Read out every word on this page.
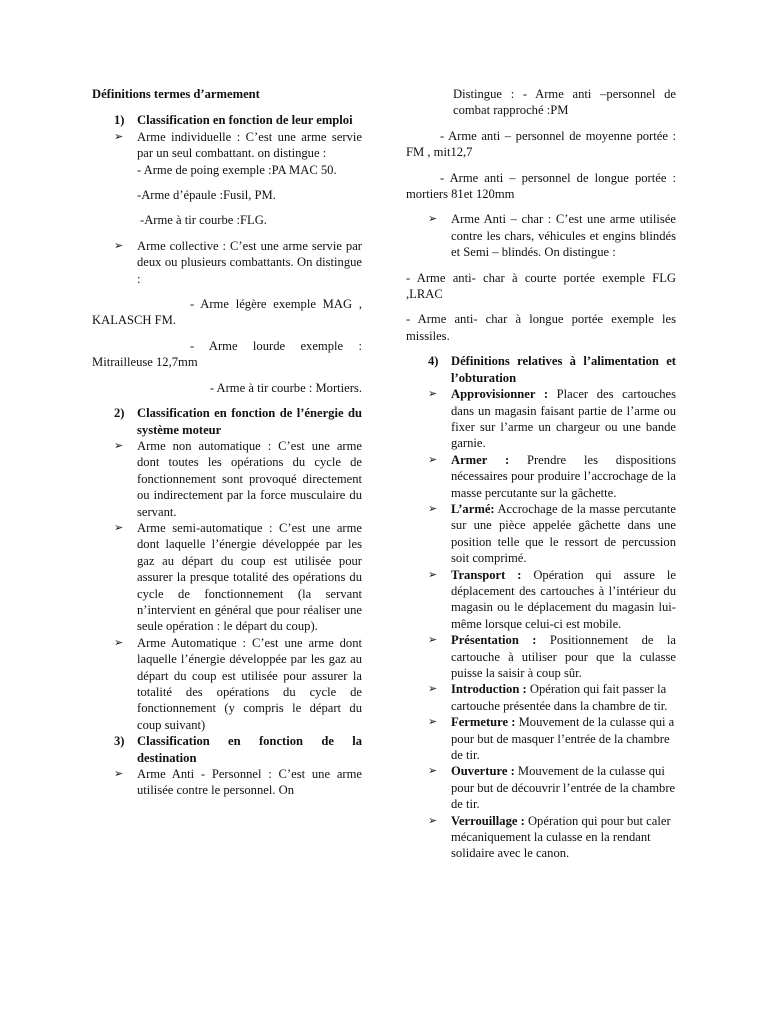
Définitions termes d’armement

1) Classification en fonction de leur emploi
➢ Arme individuelle : C’est une arme servie par un seul combattant. on distingue :

- Arme de poing exemple :PA MAC 50.

-Arme d’épaule :Fusil, PM.

-Arme à tir courbe :FLG.

➢ Arme collective : C’est une arme servie par deux ou plusieurs combattants. On distingue :

- Arme légère exemple MAG , KALASCH FM.

- Arme lourde exemple : Mitrailleuse 12,7mm

- Arme à tir courbe : Mortiers.

2) Classification en fonction de l’énergie du système moteur
➢ Arme non automatique : C’est une arme dont toutes les opérations du cycle de fonctionnement sont provoqué directement ou indirectement par la force musculaire du servant.

➢ Arme semi-automatique : C’est une arme dont laquelle l’énergie développée par les gaz au départ du coup est utilisée pour assurer la presque totalité des opérations du cycle de fonctionnement (la servant n’intervient en général que pour réaliser une seule opération : le départ du coup).

➢ Arme Automatique : C’est une arme dont laquelle l’énergie développée par les gaz au départ du coup est utilisée pour assurer la totalité des opérations du cycle de fonctionnement (y compris le départ du coup suivant)

3) Classification en fonction de la destination
➢ Arme Anti - Personnel : C’est une arme utilisée contre le personnel. On

Distingue : - Arme anti –personnel de combat rapproché :PM

- Arme anti – personnel de moyenne portée : FM , mit12,7

- Arme anti – personnel de longue portée : mortiers 81et 120mm

➢ Arme Anti – char : C’est une arme utilisée contre les chars, véhicules et engins blindés et Semi – blindés. On distingue :

- Arme anti- char à courte portée exemple FLG ,LRAC

- Arme anti- char à longue portée exemple les missiles.

4) Définitions relatives à l’alimentation et l’obturation
➢ Approvisionner : Placer des cartouches dans un magasin faisant partie de l’arme ou fixer sur l’arme un chargeur ou une bande garnie.

➢ Armer : Prendre les dispositions nécessaires pour produire l’accrochage de la masse percutante sur la gâchette.

➢ L’armé: Accrochage de la masse percutante sur une pièce appelée gâchette dans une position telle que le ressort de percussion soit comprimé.

➢ Transport : Opération qui assure le déplacement des cartouches à l’intérieur du magasin ou le déplacement du magasin lui-même lorsque celui-ci est mobile.

➢ Présentation : Positionnement de la cartouche à utiliser pour que la culasse puisse la saisir à coup sûr.

➢ Introduction : Opération qui fait passer la cartouche présentée dans la chambre de tir.

➢ Fermeture : Mouvement de la culasse qui a pour but de masquer l’entrée de la chambre de tir.

➢ Ouverture : Mouvement de la culasse qui pour but de découvrir l’entrée de la chambre de tir.

➢ Verrouillage : Opération qui pour but caler mécaniquement la culasse en la rendant solidaire avec le canon.
